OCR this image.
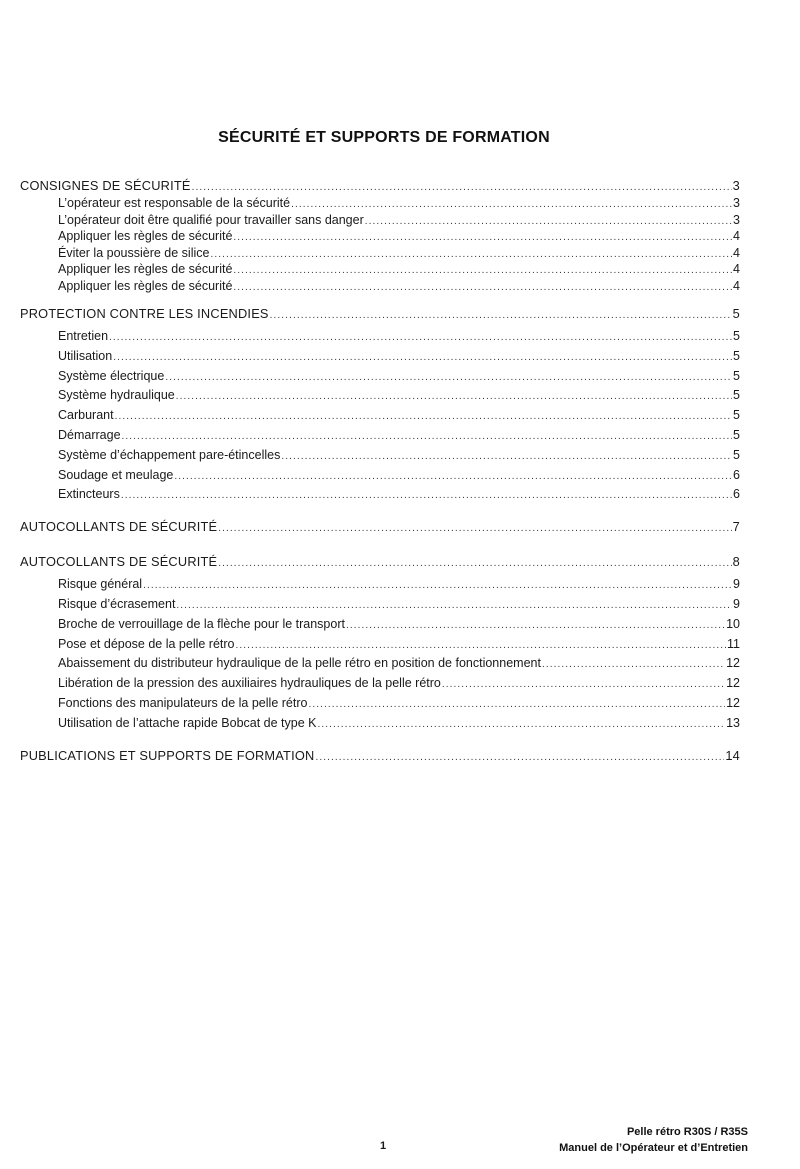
SÉCURITÉ ET SUPPORTS DE FORMATION
CONSIGNES DE SÉCURITÉ .....	3
L’opérateur est responsable de la sécurité .....	3
L’opérateur doit être qualifié pour travailler sans danger .....	3
Appliquer les règles de sécurité .....	4
Éviter la poussière de silice .....	4
Appliquer les règles de sécurité .....	4
Appliquer les règles de sécurité .....	4
PROTECTION CONTRE LES INCENDIES .....	5
Entretien .....	5
Utilisation .....	5
Système électrique .....	5
Système hydraulique .....	5
Carburant .....	5
Démarrage .....	5
Système d’échappement pare-étincelles .....	5
Soudage et meulage .....	6
Extincteurs .....	6
AUTOCOLLANTS DE SÉCURITÉ .....	7
AUTOCOLLANTS DE SÉCURITÉ .....	8
Risque général .....	9
Risque d’écrasement .....	9
Broche de verrouillage de la flèche pour le transport .....	10
Pose et dépose de la pelle rétro .....	11
Abaissement du distributeur hydraulique de la pelle rétro en position de fonctionnement .....	12
Libération de la pression des auxiliaires hydrauliques de la pelle rétro .....	12
Fonctions des manipulateurs de la pelle rétro .....	12
Utilisation de l’attache rapide Bobcat de type K .....	13
PUBLICATIONS ET SUPPORTS DE FORMATION .....	14
1
Pelle rétro R30S / R35S
Manuel de l’Opérateur et d’Entretien
